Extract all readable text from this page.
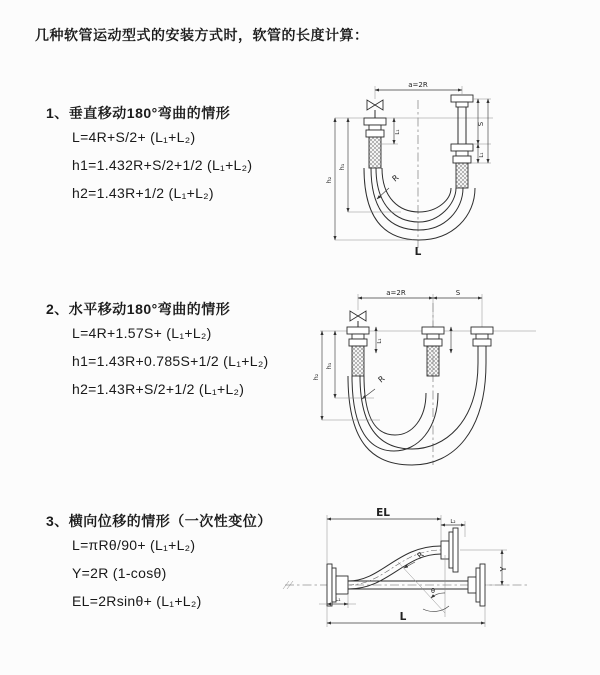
几种软管运动型式的安装方式时，软管的长度计算：
1、垂直移动180°弯曲的情形
L=4R+S/2+ (L₁+L₂)
h1=1.432R+S/2+1/2 (L₁+L₂)
h2=1.43R+1/2 (L₁+L₂)
2、水平移动180°弯曲的情形
L=4R+1.57S+ (L₁+L₂)
h1=1.43R+0.785S+1/2 (L₁+L₂)
h2=1.43R+S/2+1/2 (L₁+L₂)
3、横向位移的情形（一次性变位）
L=πRθ/90+ (L₁+L₂)
Y=2R (1-cosθ)
EL=2Rsinθ+ (L₁+L₂)
a=2R
R
S
L₁
L₁
h₂
h₁
L
a=2R	S
L₁
R
h₂
h₁
EL
L₂
Y
R
θ
L₁
L
